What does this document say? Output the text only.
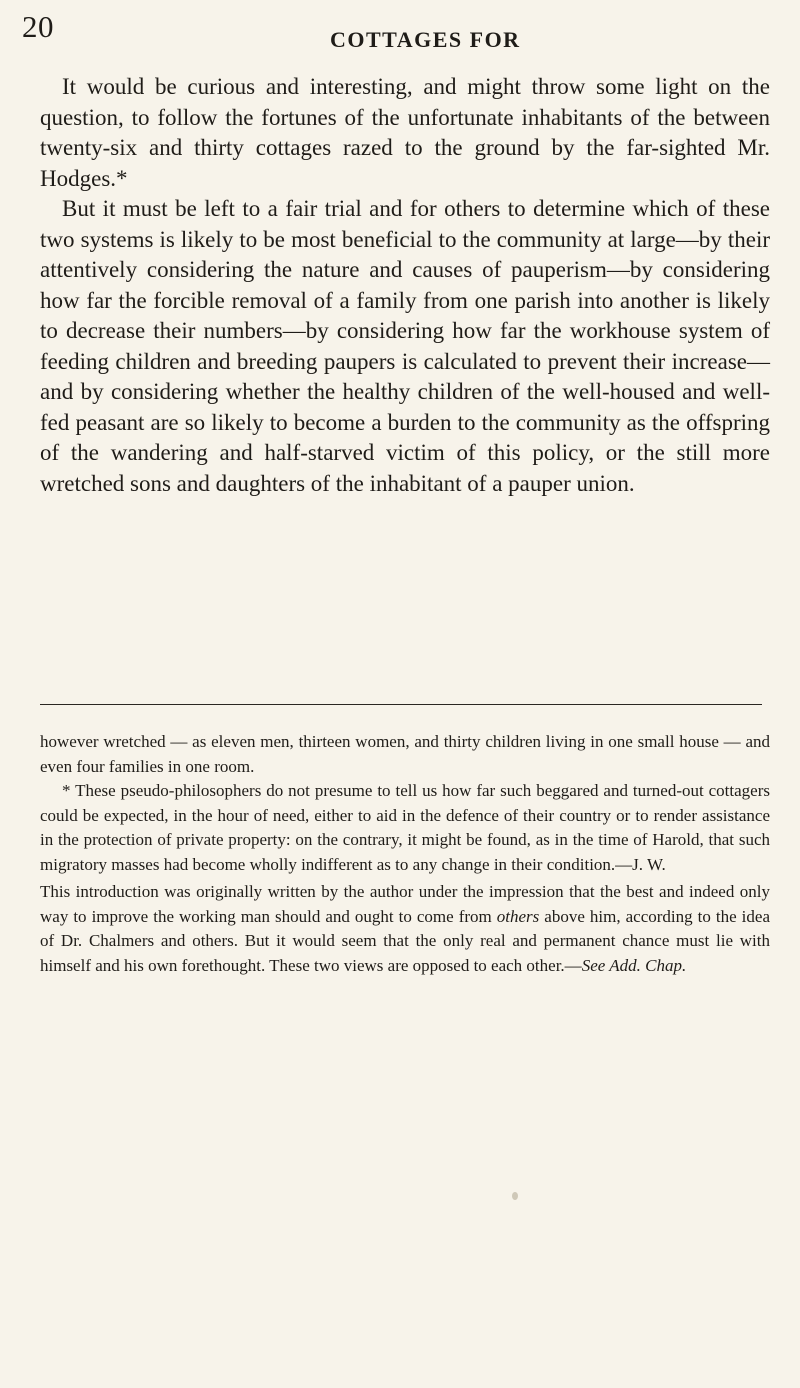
20	COTTAGES FOR

It would be curious and interesting, and might throw some light on the question, to follow the fortunes of the unfortunate inhabitants of the between twenty-six and thirty cottages razed to the ground by the far-sighted Mr. Hodges.*

But it must be left to a fair trial and for others to determine which of these two systems is likely to be most beneficial to the community at large—by their attentively considering the nature and causes of pauperism—by considering how far the forcible removal of a family from one parish into another is likely to decrease their numbers—by considering how far the workhouse system of feeding children and breeding paupers is calculated to prevent their increase—and by considering whether the healthy children of the well-housed and well-fed peasant are so likely to become a burden to the community as the offspring of the wandering and half-starved victim of this policy, or the still more wretched sons and daughters of the inhabitant of a pauper union.

however wretched — as eleven men, thirteen women, and thirty children living in one small house — and even four families in one room.

* These pseudo-philosophers do not presume to tell us how far such beggared and turned-out cottagers could be expected, in the hour of need, either to aid in the defence of their country or to render assistance in the protection of private property: on the contrary, it might be found, as in the time of Harold, that such migratory masses had become wholly indifferent as to any change in their condition.—J. W.

This introduction was originally written by the author under the impression that the best and indeed only way to improve the working man should and ought to come from others above him, according to the idea of Dr. Chalmers and others. But it would seem that the only real and permanent chance must lie with himself and his own forethought. These two views are opposed to each other.—See Add. Chap.
